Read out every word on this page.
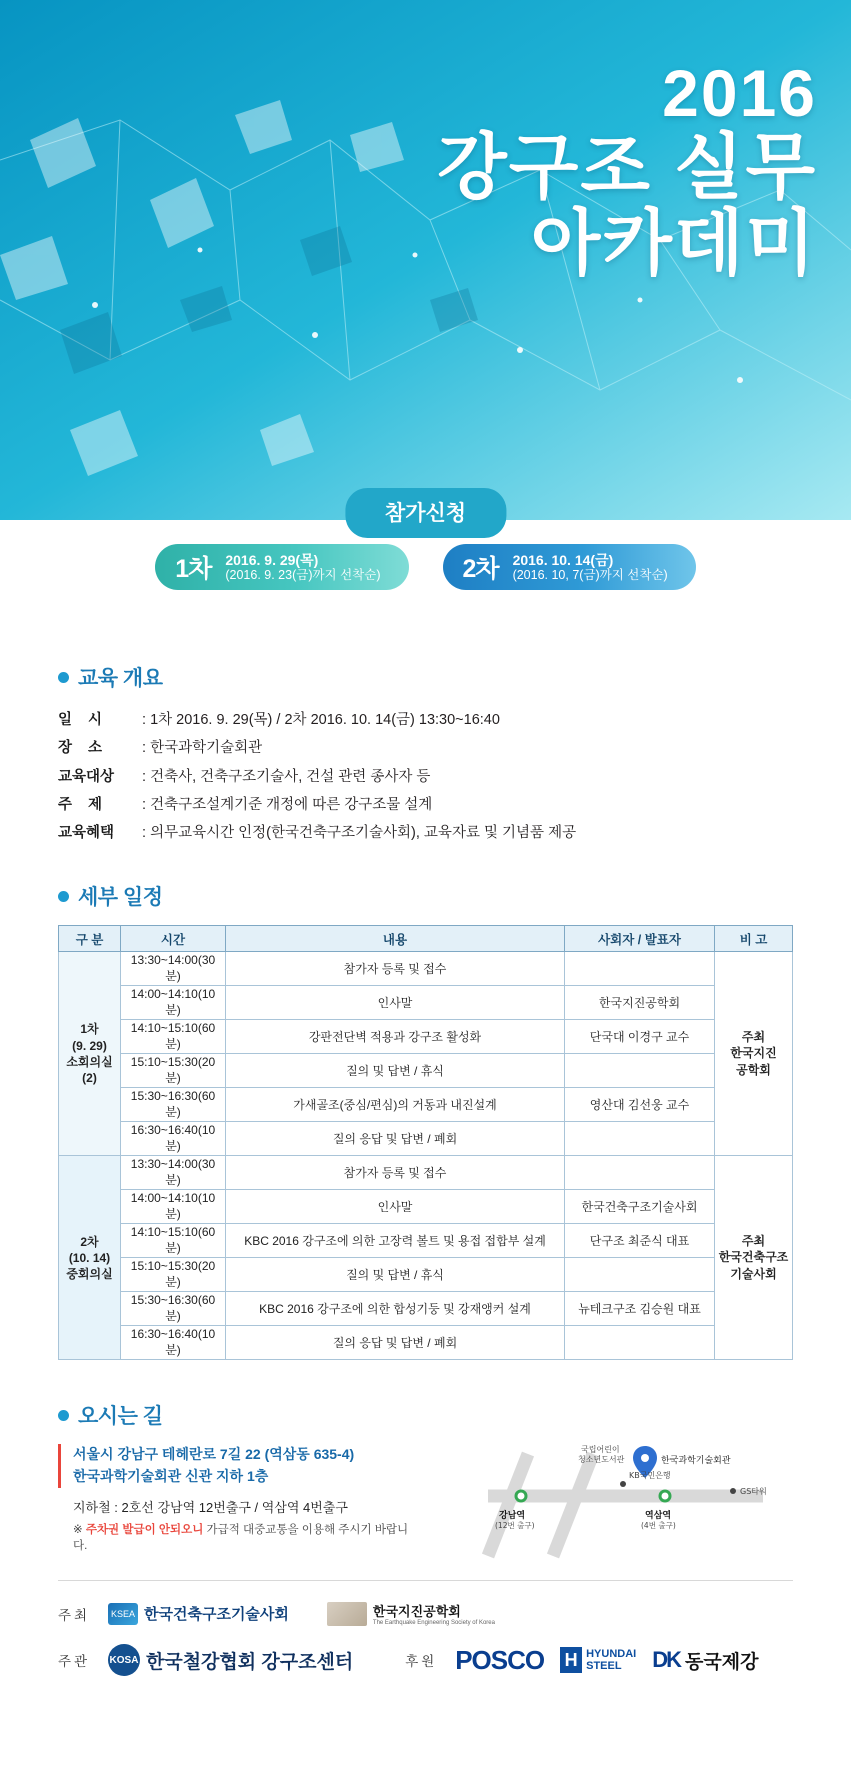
2016
강구조 실무
아카데미
참가신청
1차	2016. 9. 29(목)
(2016. 9. 23(금)까지 선착순)	2차	2016. 10. 14(금)
(2016. 10, 7(금)까지 선착순)
교육 개요
일 시	: 1차 2016. 9. 29(목) / 2차 2016. 10. 14(금) 13:30~16:40
장 소	: 한국과학기술회관
교육대상	: 건축사, 건축구조기술사, 건설 관련 종사자 등
주 제	: 건축구조설계기준 개정에 따른 강구조물 설계
교육혜택	: 의무교육시간 인정(한국건축구조기술사회), 교육자료 및 기념품 제공
세부 일정
구 분	시간	내용	사회자 / 발표자	비 고

1차
(9. 29)
소회의실(2)	13:30~14:00(30분)	참가자 등록 및 접수		주최
한국지진
공학회

	14:00~14:10(10분)	인사말	한국지진공학회	
	14:10~15:10(60분)	강판전단벽 적용과 강구조 활성화	단국대 이경구 교수	
	15:10~15:30(20분)	질의 및 답변 / 휴식		
	15:30~16:30(60분)	가새골조(중심/편심)의 거동과 내진설계	영산대 김선웅 교수	
	16:30~16:40(10분)	질의 응답 및 답변 / 폐회		

2차
(10. 14)
중회의실	13:30~14:00(30분)	참가자 등록 및 접수		주최
한국건축구조
기술사회

	14:00~14:10(10분)	인사말	한국건축구조기술사회	
	14:10~15:10(60분)	KBC 2016 강구조에 의한 고장력 볼트 및 용접 접합부 설계	단구조 최준식 대표	
	15:10~15:30(20분)	질의 및 답변 / 휴식		
	15:30~16:30(60분)	KBC 2016 강구조에 의한 합성기둥 및 강재앵커 설계	뉴테크구조 김승원 대표	
	16:30~16:40(10분)	질의 응답 및 답변 / 폐회		
오시는 길
서울시 강남구 테헤란로 7길 22 (역삼동 635-4)
한국과학기술회관 신관 지하 1층
지하철 : 2호선 강남역 12번출구 / 역삼역 4번출구
※ 주차권 발급이 안되오니 가급적 대중교통을 이용해 주시기 바랍니다.
한국과학기술회관
국립어린이
청소년도서관
KB국민은행
GS타워
강남역
(12번 출구)
역삼역
(4번 출구)
주최	KSEA 한국건축구조기술사회	한국지진공학회
The Earthquake Engineering Society of Korea
주관 KOSA 한국철강협회 강구조센터	후원 POSCO H HYUNDAI
STEEL	DK 동국제강
